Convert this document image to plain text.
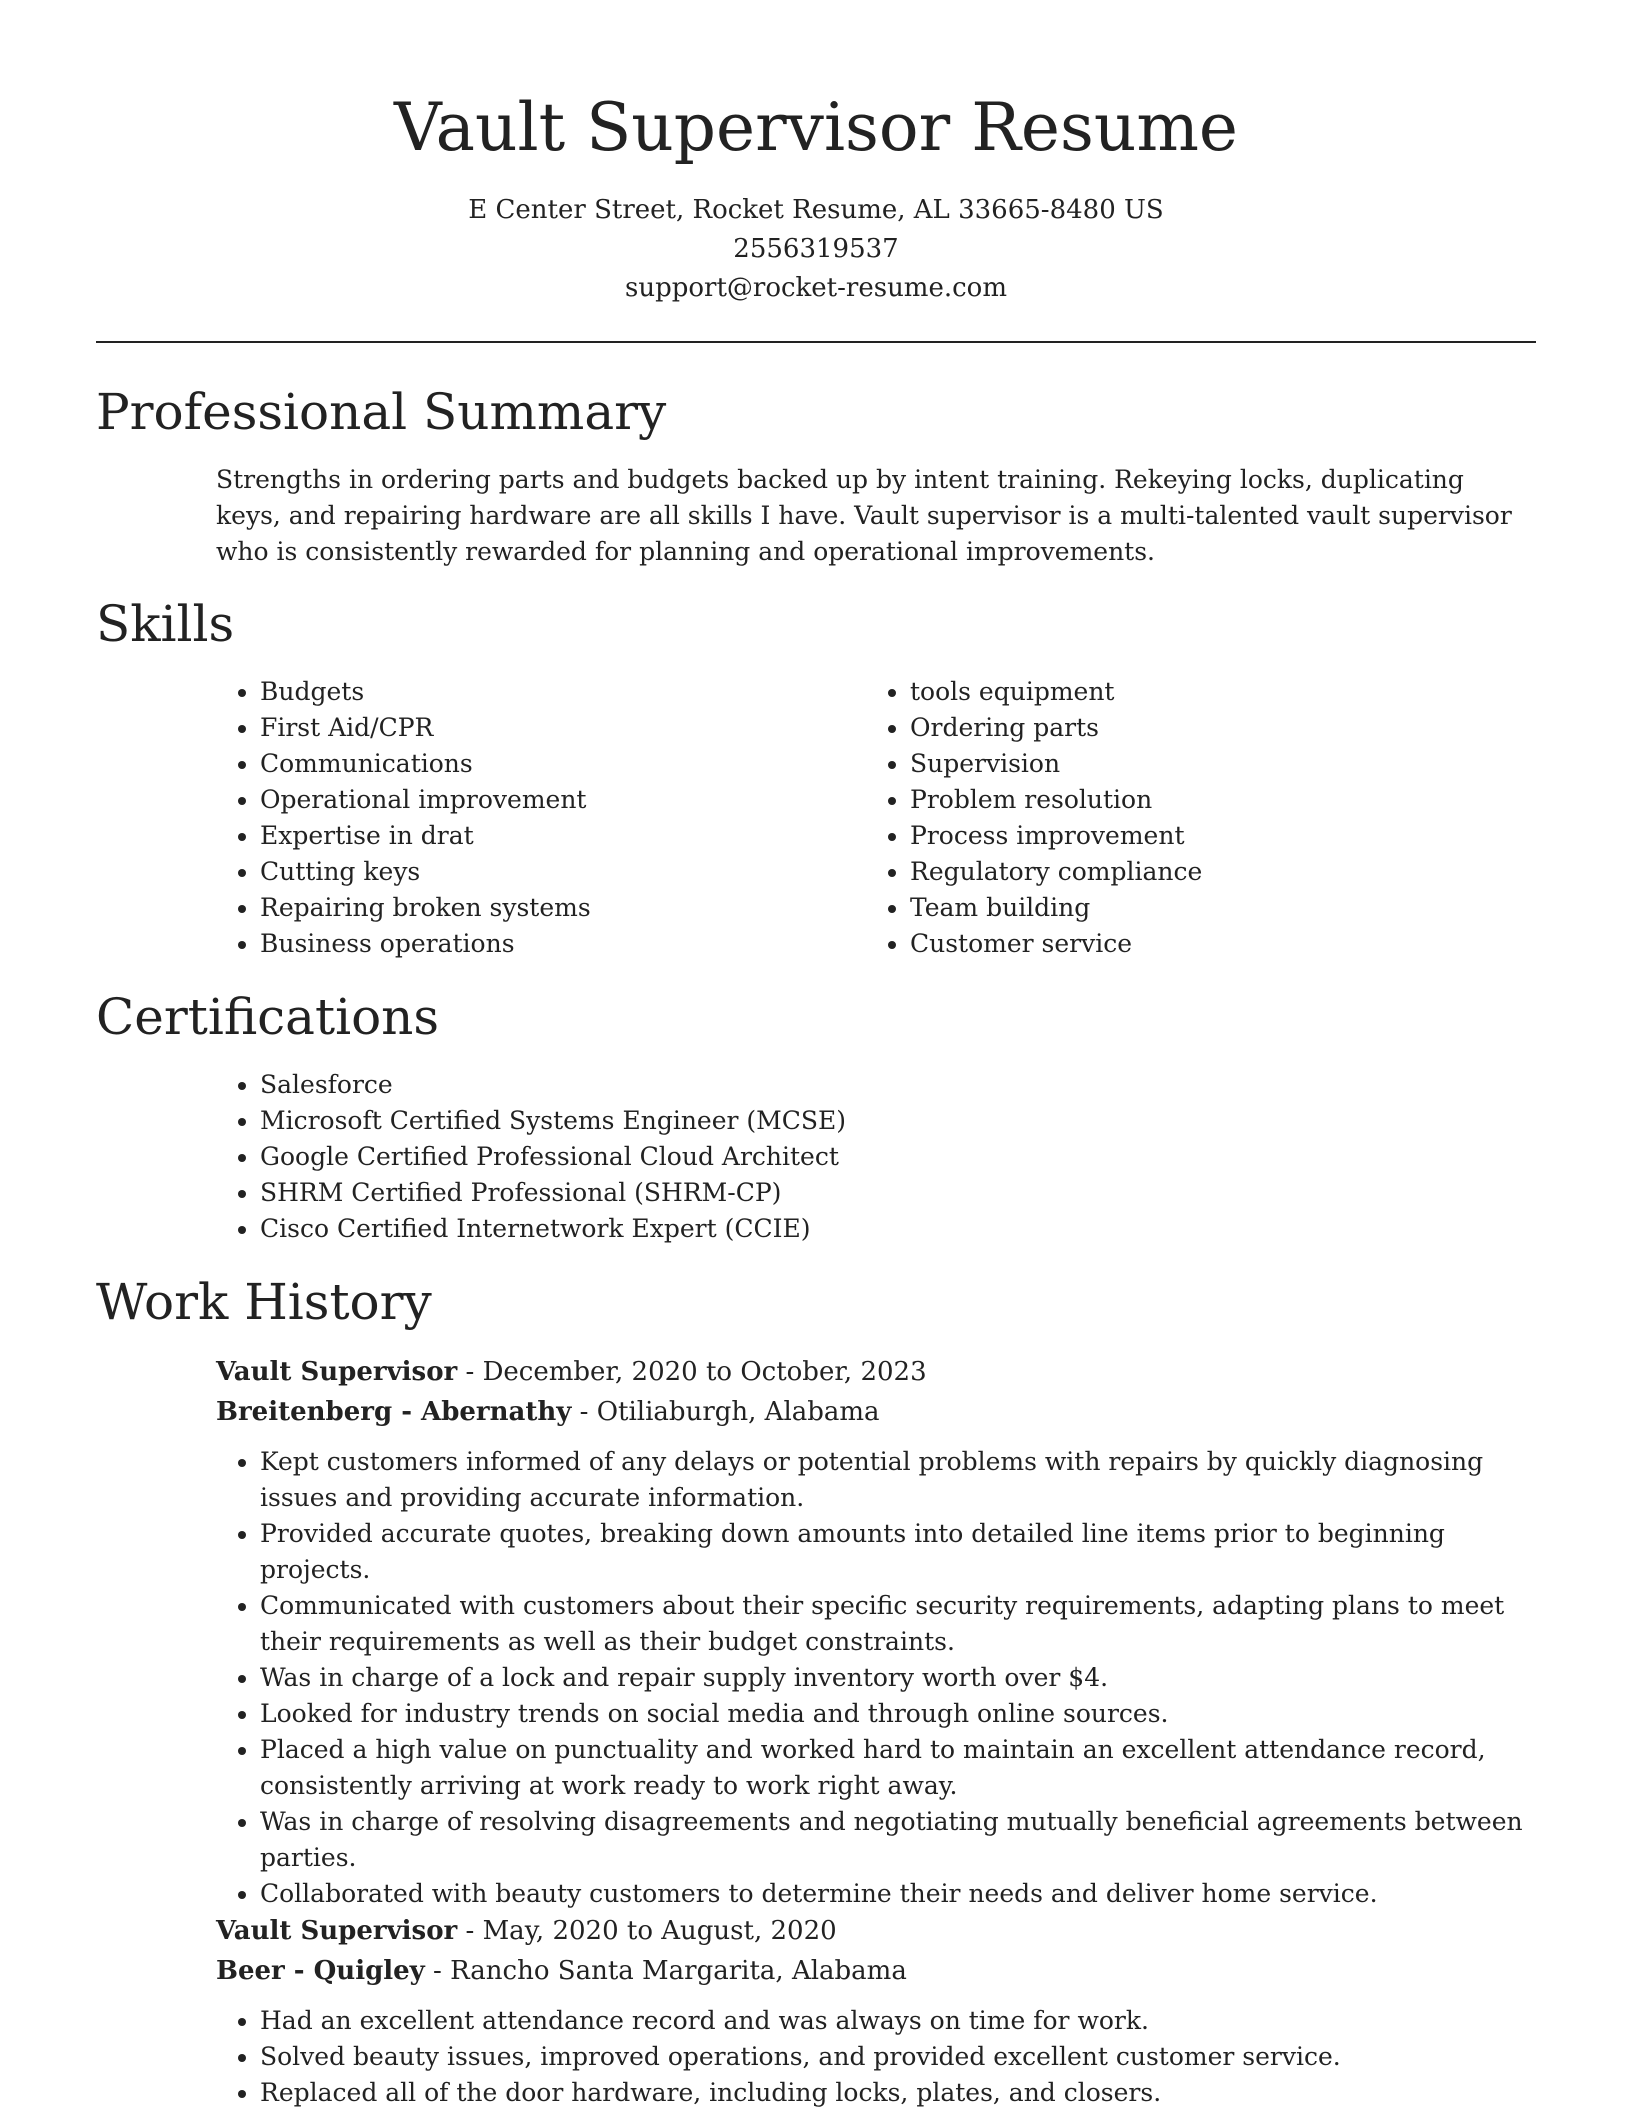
Vault Supervisor Resume
E Center Street, Rocket Resume, AL 33665-8480 US
2556319537
support@rocket-resume.com
Professional Summary
Strengths in ordering parts and budgets backed up by intent training. Rekeying locks, duplicating keys, and repairing hardware are all skills I have. Vault supervisor is a multi-talented vault supervisor who is consistently rewarded for planning and operational improvements.
Skills
• Budgets
• First Aid/CPR
• Communications
• Operational improvement
• Expertise in drat
• Cutting keys
• Repairing broken systems
• Business operations
• tools equipment
• Ordering parts
• Supervision
• Problem resolution
• Process improvement
• Regulatory compliance
• Team building
• Customer service
Certifications
• Salesforce
• Microsoft Certified Systems Engineer (MCSE)
• Google Certified Professional Cloud Architect
• SHRM Certified Professional (SHRM-CP)
• Cisco Certified Internetwork Expert (CCIE)
Work History
Vault Supervisor - December, 2020 to October, 2023
Breitenberg - Abernathy - Otiliaburgh, Alabama
• Kept customers informed of any delays or potential problems with repairs by quickly diagnosing issues and providing accurate information.
• Provided accurate quotes, breaking down amounts into detailed line items prior to beginning projects.
• Communicated with customers about their specific security requirements, adapting plans to meet their requirements as well as their budget constraints.
• Was in charge of a lock and repair supply inventory worth over $4.
• Looked for industry trends on social media and through online sources.
• Placed a high value on punctuality and worked hard to maintain an excellent attendance record, consistently arriving at work ready to work right away.
• Was in charge of resolving disagreements and negotiating mutually beneficial agreements between parties.
• Collaborated with beauty customers to determine their needs and deliver home service.
Vault Supervisor - May, 2020 to August, 2020
Beer - Quigley - Rancho Santa Margarita, Alabama
• Had an excellent attendance record and was always on time for work.
• Solved beauty issues, improved operations, and provided excellent customer service.
• Replaced all of the door hardware, including locks, plates, and closers.
